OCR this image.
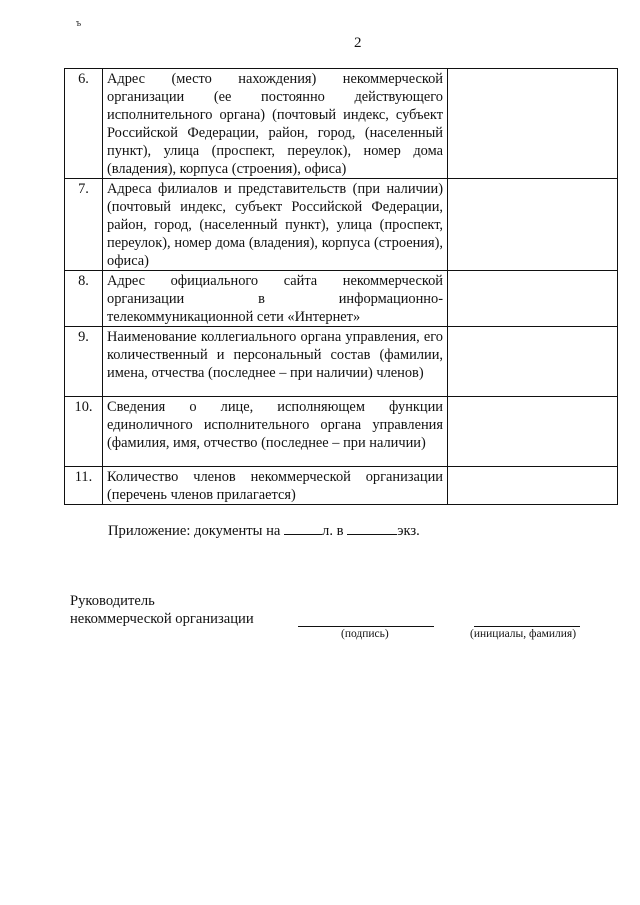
ъ
2
6.	Адрес (место нахождения) некоммерческой организации (ее постоянно действующего исполнительного органа) (почтовый индекс, субъект Российской Федерации, район, город, (населенный пункт), улица (проспект, переулок), номер дома (владения), корпуса (строения), офиса)	
7.	Адреса филиалов и представительств (при наличии) (почтовый индекс, субъект Российской Федерации, район, город, (населенный пункт), улица (проспект, переулок), номер дома (владения), корпуса (строения), офиса)	
8.	Адрес официального сайта некоммерческой организации в информационно-телекоммуникационной сети «Интернет»	
9.	Наименование коллегиального органа управления, его количественный и персональный состав (фамилии, имена, отчества (последнее – при наличии) членов)	
10.	Сведения о лице, исполняющем функции единоличного исполнительного органа управления (фамилия, имя, отчество (последнее – при наличии)	
11.	Количество членов некоммерческой организации (перечень членов прилагается)	
Приложение: документы на	л. в	экз.
Руководитель
некоммерческой организации
(подпись)	(инициалы, фамилия)
